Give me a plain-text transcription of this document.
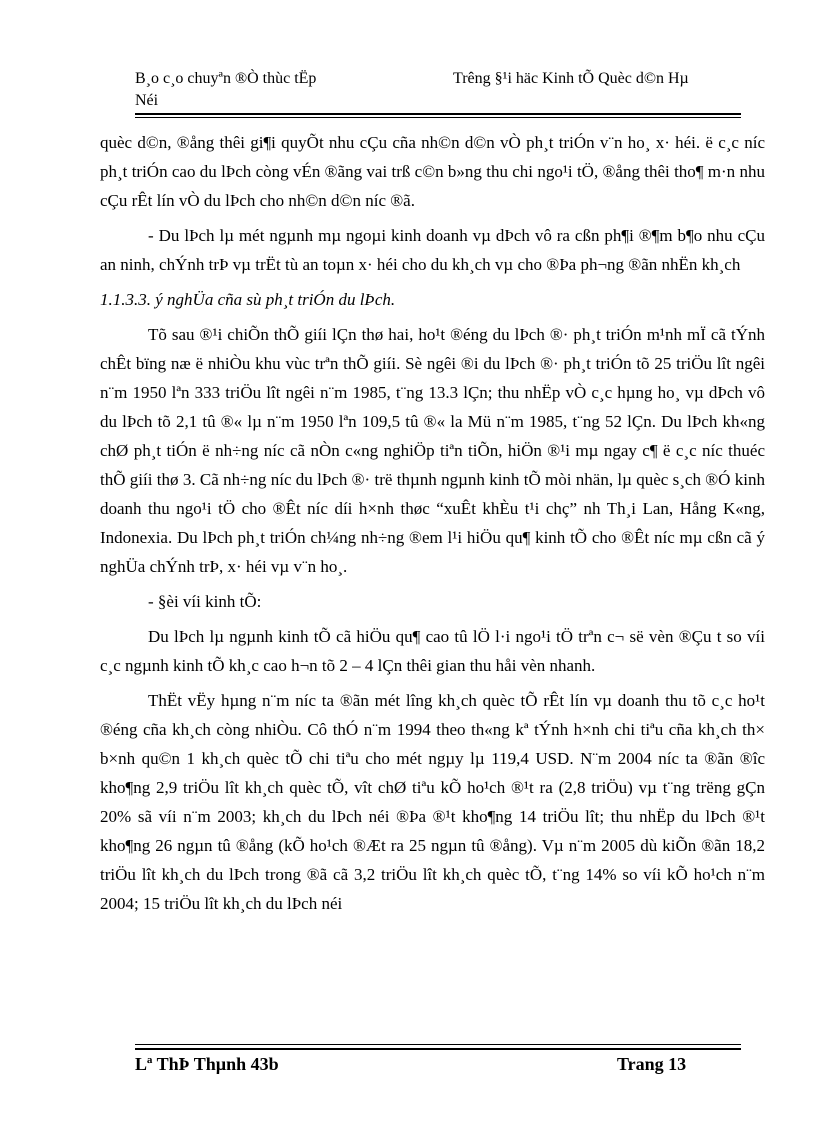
B¸o c¸o chuyªn ®Ò thùc tËp
Néi
Trêng §¹i häc Kinh tÕ Quèc d©n Hµ

quèc d©n, ®ång thêi gi¶i quyÕt nhu cÇu cña nh©n d©n vÒ ph¸t triÓn v¨n ho¸ x· héi. ë c¸c níc ph¸t triÓn cao du lÞch còng vÉn ®ãng vai trß c©n b»ng thu chi ngo¹i tÖ, ®ång thêi tho¶ m·n nhu cÇu rÊt lín vÒ du lÞch cho nh©n d©n níc ®ã.

- Du lÞch lµ mét ngµnh mµ ngoµi kinh doanh vµ dÞch vô ra cßn ph¶i ®¶m b¶o nhu cÇu an ninh, chÝnh trÞ vµ trËt tù an toµn x· héi cho du kh¸ch vµ cho ®Þa ph¬ng ®ãn nhËn kh¸ch

1.1.3.3. ý nghÜa cña sù ph¸t triÓn du lÞch.

Tõ sau ®¹i chiÕn thÕ giíi lÇn thø hai, ho¹t ®éng du lÞch ®· ph¸t triÓn m¹nh mÏ cã tÝnh chÊt bïng næ ë nhiÒu khu vùc trªn thÕ giíi. Sè ngêi ®i du lÞch ®· ph¸t triÓn tõ 25 triÖu lît ngêi n¨m 1950 lªn 333 triÖu lît ngêi n¨m 1985, t¨ng 13.3 lÇn; thu nhËp vÒ c¸c hµng ho¸ vµ dÞch vô du lÞch tõ 2,1 tû ®« lµ n¨m 1950 lªn 109,5 tû ®« la Mü n¨m 1985, t¨ng 52 lÇn. Du lÞch kh«ng chØ ph¸t tiÓn ë nh÷ng níc cã nÒn c«ng nghiÖp tiªn tiÕn, hiÖn ®¹i mµ ngay c¶ ë c¸c níc thuéc thÕ giíi thø 3. Cã nh÷ng níc du lÞch ®· trë thµnh ngµnh kinh tÕ mòi nhän, lµ quèc s¸ch ®Ó kinh doanh thu ngo¹i tÖ cho ®Êt níc díi h×nh thøc “xuÊt khÈu t¹i chç” nh Th¸i Lan, Hång K«ng, Indonexia. Du lÞch ph¸t triÓn ch¼ng nh÷ng ®em l¹i hiÖu qu¶ kinh tÕ cho ®Êt níc mµ cßn cã ý nghÜa chÝnh trÞ, x· héi vµ v¨n ho¸.

- §èi víi kinh tÕ:

Du lÞch lµ ngµnh kinh tÕ cã hiÖu qu¶ cao tû lÖ l·i ngo¹i tÖ trªn c¬ së vèn ®Çu t so víi c¸c ngµnh kinh tÕ kh¸c cao h¬n tõ 2 – 4 lÇn thêi gian thu håi vèn nhanh.

ThËt vËy hµng n¨m níc ta ®ãn mét lîng kh¸ch quèc tÕ rÊt lín vµ doanh thu tõ c¸c ho¹t ®éng cña kh¸ch còng nhiÒu. Cô thÓ n¨m 1994 theo th«ng kª tÝnh h×nh chi tiªu cña kh¸ch th× b×nh qu©n 1 kh¸ch quèc tÕ chi tiªu cho mét ngµy lµ 119,4 USD. N¨m 2004 níc ta ®ãn ®îc kho¶ng 2,9 triÖu lît kh¸ch quèc tÕ, vît chØ tiªu kÕ ho¹ch ®¹t ra (2,8 triÖu) vµ t¨ng trëng gÇn 20% sã víi n¨m 2003; kh¸ch du lÞch néi ®Þa ®¹t kho¶ng 14 triÖu lît; thu nhËp du lÞch ®¹t kho¶ng 26 ngµn tû ®ång (kÕ ho¹ch ®Æt ra 25 ngµn tû ®ång). Vµ n¨m 2005 dù kiÕn ®ãn 18,2 triÖu lît kh¸ch du lÞch trong ®ã cã 3,2 triÖu lît kh¸ch quèc tÕ, t¨ng 14% so víi kÕ ho¹ch n¨m 2004; 15 triÖu lît kh¸ch du lÞch néi

Lª ThÞ Thµnh 43b	Trang 13
